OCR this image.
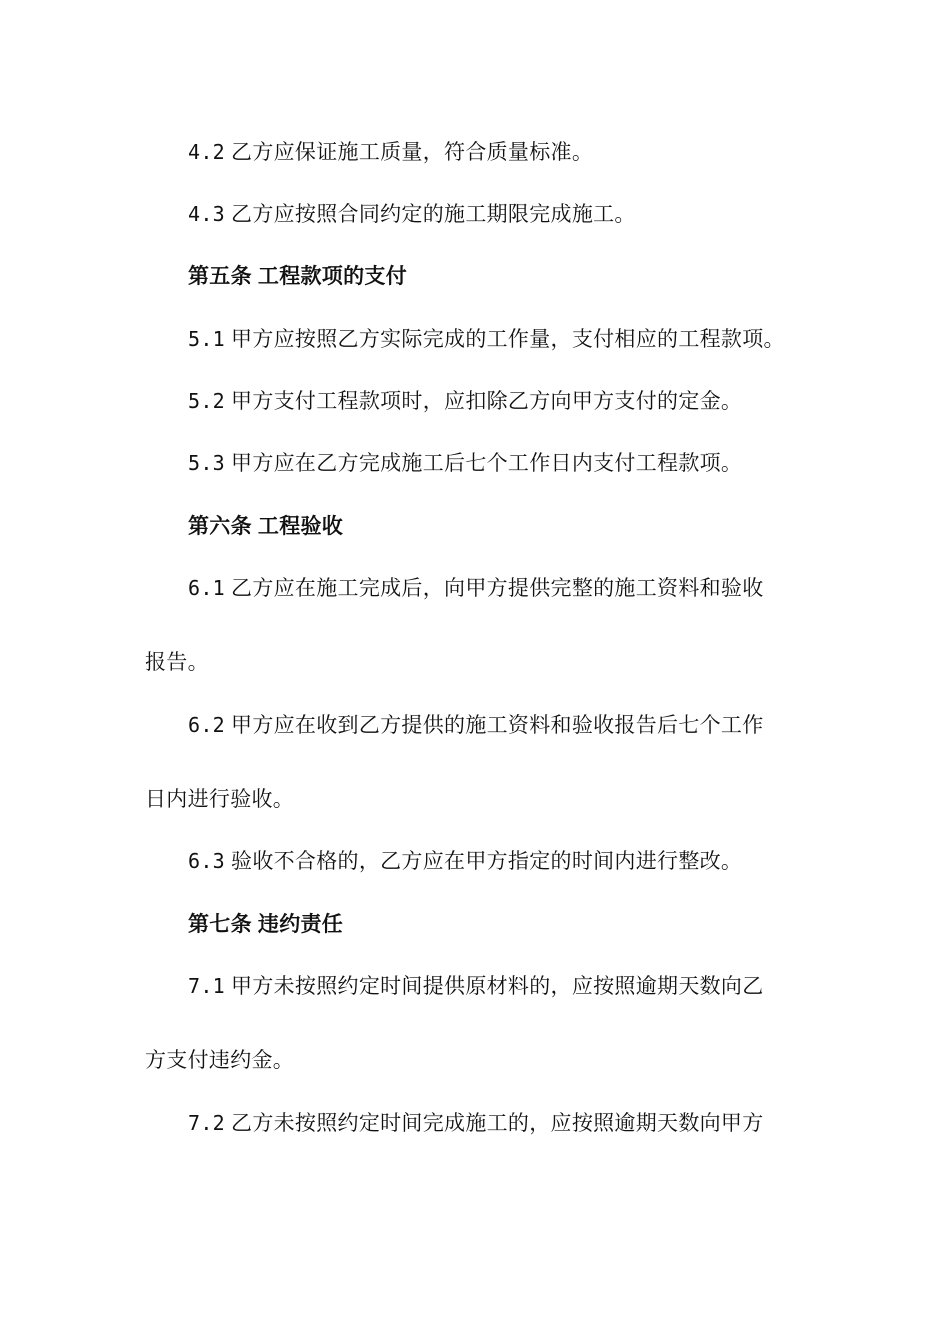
4.2 乙方应保证施工质量，符合质量标准。
4.3 乙方应按照合同约定的施工期限完成施工。
第五条 工程款项的支付
5.1 甲方应按照乙方实际完成的工作量，支付相应的工程款项。
5.2 甲方支付工程款项时，应扣除乙方向甲方支付的定金。
5.3 甲方应在乙方完成施工后七个工作日内支付工程款项。
第六条 工程验收
6.1 乙方应在施工完成后，向甲方提供完整的施工资料和验收
报告。
6.2 甲方应在收到乙方提供的施工资料和验收报告后七个工作
日内进行验收。
6.3 验收不合格的，乙方应在甲方指定的时间内进行整改。
第七条 违约责任
7.1 甲方未按照约定时间提供原材料的，应按照逾期天数向乙
方支付违约金。
7.2 乙方未按照约定时间完成施工的，应按照逾期天数向甲方
